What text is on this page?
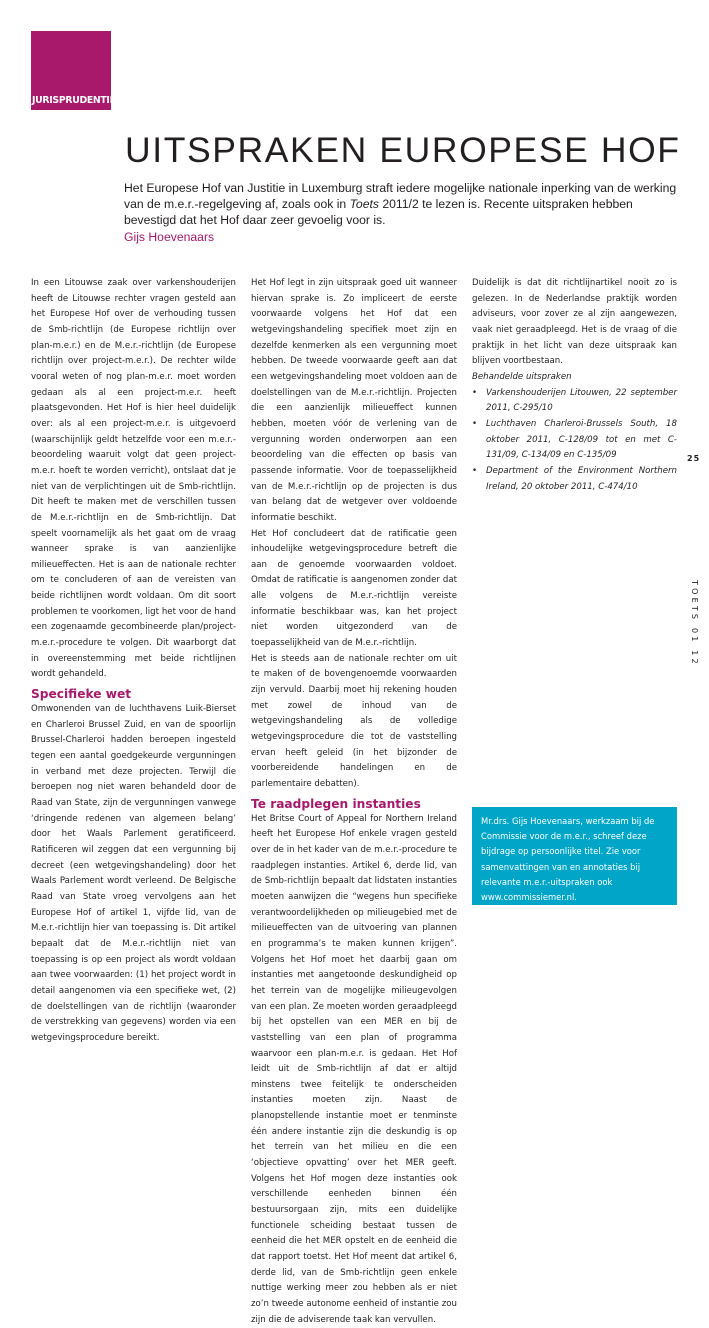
JURISPRUDENTIE
UITSPRAKEN EUROPESE HOF

Het Europese Hof van Justitie in Luxemburg straft iedere mogelijke nationale inperking van de werking van de m.e.r.-regelgeving af, zoals ook in Toets 2011/2 te lezen is. Recente uitspraken hebben bevestigd dat het Hof daar zeer gevoelig voor is.

Gijs Hoevenaars

In een Litouwse zaak over varkenshouderijen heeft de Litouwse rechter vragen gesteld aan het Europese Hof over de verhouding tussen de Smb-richtlijn (de Europese richtlijn over plan-m.e.r.) en de M.e.r.-richtlijn (de Europese richtlijn over project-m.e.r.). De rechter wilde vooral weten of nog plan-m.e.r. moet worden gedaan als al een project-m.e.r. heeft plaatsgevonden. Het Hof is hier heel duidelijk over: als al een project-m.e.r. is uitgevoerd (waarschijnlijk geldt hetzelfde voor een m.e.r.-beoordeling waaruit volgt dat geen project-m.e.r. hoeft te worden verricht), ontslaat dat je niet van de verplichtingen uit de Smb-richtlijn. Dit heeft te maken met de verschillen tussen de M.e.r.-richtlijn en de Smb-richtlijn. Dat speelt voornamelijk als het gaat om de vraag wanneer sprake is van aanzienlijke milieueffecten. Het is aan de nationale rechter om te concluderen of aan de vereisten van beide richtlijnen wordt voldaan. Om dit soort problemen te voorkomen, ligt het voor de hand een zogenaamde gecombineerde plan/project-m.e.r.-procedure te volgen. Dit waarborgt dat in overeenstemming met beide richtlijnen wordt gehandeld.

Specifieke wet

Omwonenden van de luchthavens Luik-Bierset en Charleroi Brussel Zuid, en van de spoorlijn Brussel-Charleroi hadden beroepen ingesteld tegen een aantal goedgekeurde vergunningen in verband met deze projecten. Terwijl die beroepen nog niet waren behandeld door de Raad van State, zijn de vergunningen vanwege ‘dringende redenen van algemeen belang’ door het Waals Parlement geratificeerd. Ratificeren wil zeggen dat een vergunning bij decreet (een wetgevingshandeling) door het Waals Parlement wordt verleend. De Belgische Raad van State vroeg vervolgens aan het Europese Hof of artikel 1, vijfde lid, van de M.e.r.-richtlijn hier van toepassing is. Dit artikel bepaalt dat de M.e.r.-richtlijn niet van toepassing is op een project als wordt voldaan aan twee voorwaarden: (1) het project wordt in detail aangenomen via een specifieke wet, (2) de doelstellingen van de richtlijn (waaronder de verstrekking van gegevens) worden via een wetgevingsprocedure bereikt.

Het Hof legt in zijn uitspraak goed uit wanneer hiervan sprake is. Zo impliceert de eerste voorwaarde volgens het Hof dat een wetgevingshandeling specifiek moet zijn en dezelfde kenmerken als een vergunning moet hebben. De tweede voorwaarde geeft aan dat een wetgevingshandeling moet voldoen aan de doelstellingen van de M.e.r.-richtlijn. Projecten die een aanzienlijk milieueffect kunnen hebben, moeten vóór de verlening van de vergunning worden onderworpen aan een beoordeling van die effecten op basis van passende informatie. Voor de toepasselijkheid van de M.e.r.-richtlijn op de projecten is dus van belang dat de wetgever over voldoende informatie beschikt.

Het Hof concludeert dat de ratificatie geen inhoudelijke wetgevingsprocedure betreft die aan de genoemde voorwaarden voldoet. Omdat de ratificatie is aangenomen zonder dat alle volgens de M.e.r.-richtlijn vereiste informatie beschikbaar was, kan het project niet worden uitgezonderd van de toepasselijkheid van de M.e.r.-richtlijn.

Het is steeds aan de nationale rechter om uit te maken of de bovengenoemde voorwaarden zijn vervuld. Daarbij moet hij rekening houden met zowel de inhoud van de wetgevingshandeling als de volledige wetgevingsprocedure die tot de vaststelling ervan heeft geleid (in het bijzonder de voorbereidende handelingen en de parlementaire debatten).

Te raadplegen instanties

Het Britse Court of Appeal for Northern Ireland heeft het Europese Hof enkele vragen gesteld over de in het kader van de m.e.r.-procedure te raadplegen instanties. Artikel 6, derde lid, van de Smb-richtlijn bepaalt dat lidstaten instanties moeten aanwijzen die “wegens hun specifieke verantwoordelijkheden op milieugebied met de milieueffecten van de uitvoering van plannen en programma’s te maken kunnen krijgen”. Volgens het Hof moet het daarbij gaan om instanties met aangetoonde deskundigheid op het terrein van de mogelijke milieugevolgen van een plan. Ze moeten worden geraadpleegd bij het opstellen van een MER en bij de vaststelling van een plan of programma waarvoor een plan-m.e.r. is gedaan. Het Hof leidt uit de Smb-richtlijn af dat er altijd minstens twee feitelijk te onderscheiden instanties moeten zijn. Naast de planopstellende instantie moet er tenminste één andere instantie zijn die deskundig is op het terrein van het milieu en die een ‘objectieve opvatting’ over het MER geeft. Volgens het Hof mogen deze instanties ook verschillende eenheden binnen één bestuursorgaan zijn, mits een duidelijke functionele scheiding bestaat tussen de eenheid die het MER opstelt en de eenheid die dat rapport toetst. Het Hof meent dat artikel 6, derde lid, van de Smb-richtlijn geen enkele nuttige werking meer zou hebben als er niet zo’n tweede autonome eenheid of instantie zou zijn die de adviserende taak kan vervullen.

Duidelijk is dat dit richtlijnartikel nooit zo is gelezen. In de Nederlandse praktijk worden adviseurs, voor zover ze al zijn aangewezen, vaak niet geraadpleegd. Het is de vraag of die praktijk in het licht van deze uitspraak kan blijven voortbestaan.

Behandelde uitspraken

• Varkenshouderijen Litouwen, 22 september 2011, C-295/10
• Luchthaven Charleroi-Brussels South, 18 oktober 2011, C-128/09 tot en met C-131/09, C-134/09 en C-135/09
• Department of the Environment Northern Ireland, 20 oktober 2011, C-474/10
Mr.drs. Gijs Hoevenaars, werkzaam bij de Commissie voor de m.e.r., schreef deze bijdrage op persoonlijke titel. Zie voor samenvattingen van en annotaties bij relevante m.e.r.-uitspraken ook www.commissiemer.nl.
25
TOETS 01 12
